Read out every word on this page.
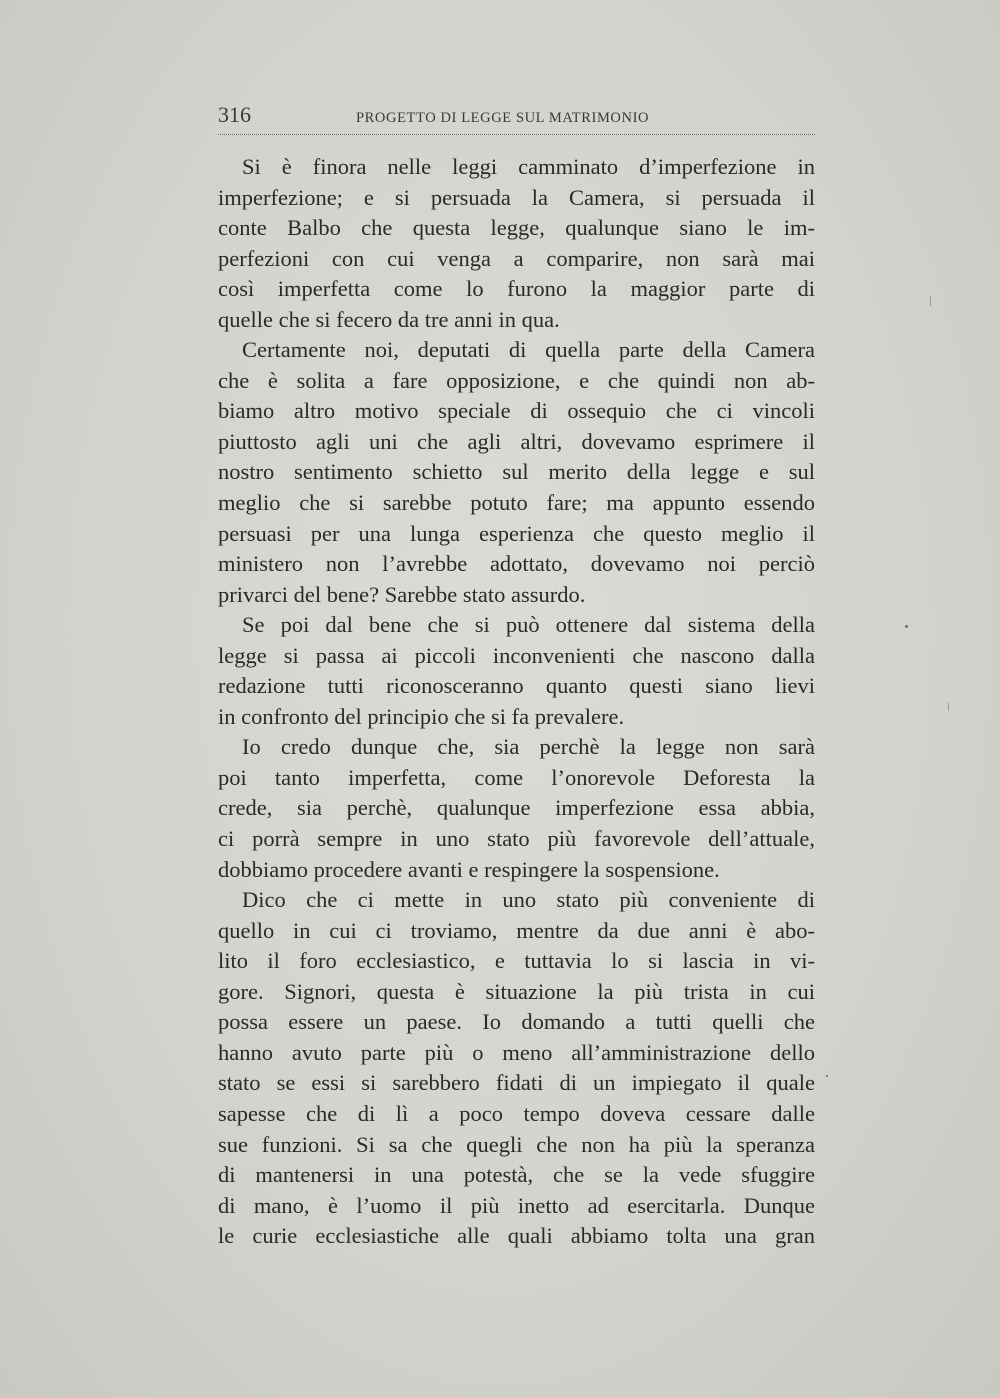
316	PROGETTO DI LEGGE SUL MATRIMONIO
Si è finora nelle leggi camminato d’imperfezione in
imperfezione; e si persuada la Camera, si persuada il
conte Balbo che questa legge, qualunque siano le im-
perfezioni con cui venga a comparire, non sarà mai
così imperfetta come lo furono la maggior parte di
quelle che si fecero da tre anni in qua.
Certamente noi, deputati di quella parte della Camera
che è solita a fare opposizione, e che quindi non ab-
biamo altro motivo speciale di ossequio che ci vincoli
piuttosto agli uni che agli altri, dovevamo esprimere il
nostro sentimento schietto sul merito della legge e sul
meglio che si sarebbe potuto fare; ma appunto essendo
persuasi per una lunga esperienza che questo meglio il
ministero non l’avrebbe adottato, dovevamo noi perciò
privarci del bene? Sarebbe stato assurdo.
Se poi dal bene che si può ottenere dal sistema della
legge si passa ai piccoli inconvenienti che nascono dalla
redazione tutti riconosceranno quanto questi siano lievi
in confronto del principio che si fa prevalere.
Io credo dunque che, sia perchè la legge non sarà
poi tanto imperfetta, come l’onorevole Deforesta la
crede, sia perchè, qualunque imperfezione essa abbia,
ci porrà sempre in uno stato più favorevole dell’attuale,
dobbiamo procedere avanti e respingere la sospensione.
Dico che ci mette in uno stato più conveniente di
quello in cui ci troviamo, mentre da due anni è abo-
lito il foro ecclesiastico, e tuttavia lo si lascia in vi-
gore. Signori, questa è situazione la più trista in cui
possa essere un paese. Io domando a tutti quelli che
hanno avuto parte più o meno all’amministrazione dello
stato se essi si sarebbero fidati di un impiegato il quale
sapesse che di lì a poco tempo doveva cessare dalle
sue funzioni. Si sa che quegli che non ha più la speranza
di mantenersi in una potestà, che se la vede sfuggire
di mano, è l’uomo il più inetto ad esercitarla. Dunque
le curie ecclesiastiche alle quali abbiamo tolta una gran
